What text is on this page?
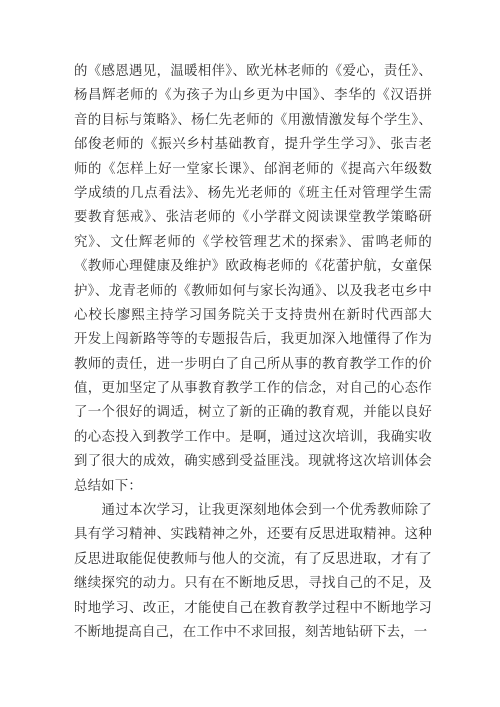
的《感恩遇见，温暖相伴》、欧光林老师的《爱心，责任》、
杨昌辉老师的《为孩子为山乡更为中国》、李华的《汉语拼
音的目标与策略》、杨仁先老师的《用激情激发每个学生》、
邰俊老师的《振兴乡村基础教育，提升学生学习》、张吉老
师的《怎样上好一堂家长课》、邰润老师的《提高六年级数
学成绩的几点看法》、杨先光老师的《班主任对管理学生需
要教育惩戒》、张洁老师的《小学群文阅读课堂教学策略研
究》、文仕辉老师的《学校管理艺术的探索》、雷鸣老师的
《教师心理健康及维护》欧政梅老师的《花蕾护航，女童保
护》、龙青老师的《教师如何与家长沟通》、以及我老屯乡中
心校长廖熙主持学习国务院关于支持贵州在新时代西部大
开发上闯新路等等的专题报告后，我更加深入地懂得了作为
教师的责任，进一步明白了自己所从事的教育教学工作的价
值，更加坚定了从事教育教学工作的信念，对自己的心态作
了一个很好的调适，树立了新的正确的教育观，并能以良好
的心态投入到教学工作中。是啊，通过这次培训，我确实收
到了很大的成效，确实感到受益匪浅。现就将这次培训体会
总结如下：
　　通过本次学习，让我更深刻地体会到一个优秀教师除了
具有学习精神、实践精神之外，还要有反思进取精神。这种
反思进取能促使教师与他人的交流，有了反思进取，才有了
继续探究的动力。只有在不断地反思，寻找自己的不足，及
时地学习、改正，才能使自己在教育教学过程中不断地学习
不断地提高自己，在工作中不求回报，刻苦地钻研下去，一
